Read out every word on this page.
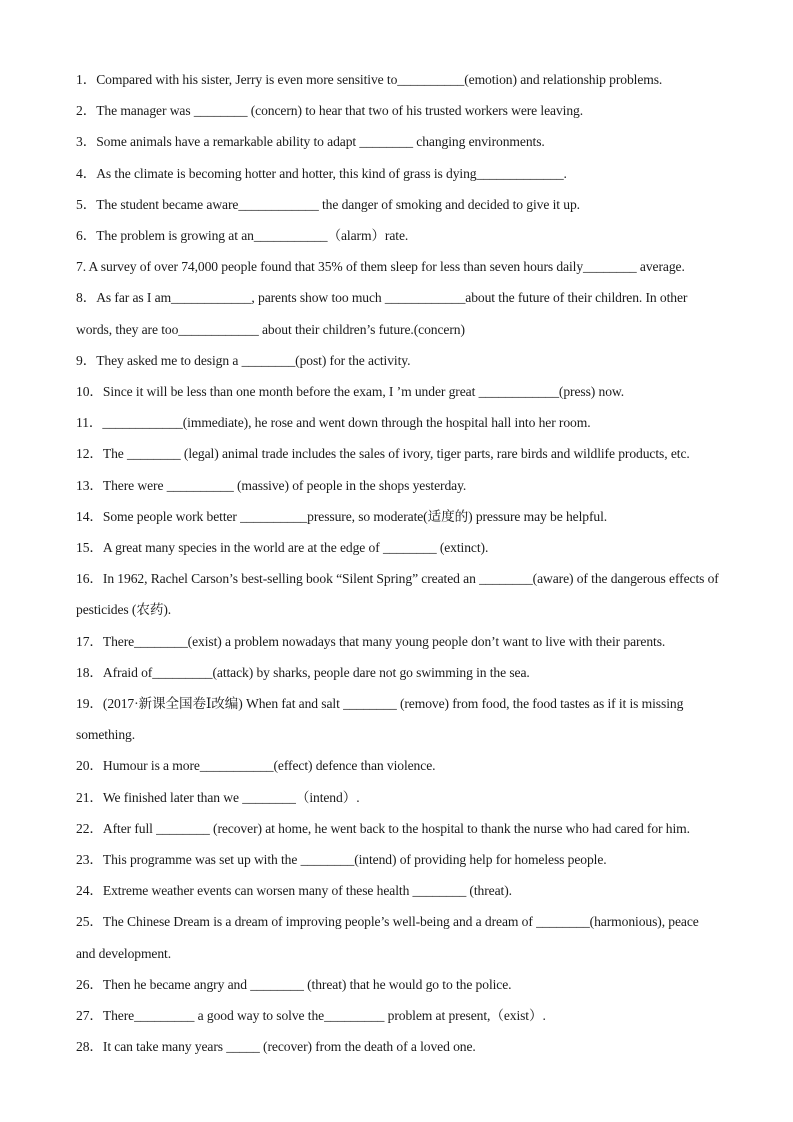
1．Compared with his sister, Jerry is even more sensitive to__________(emotion) and relationship problems.

2．The manager was ________ (concern) to hear that two of his trusted workers were leaving.

3．Some animals have a remarkable ability to adapt ________ changing environments.

4．As the climate is becoming hotter and hotter, this kind of grass is dying_____________.

5．The student became aware____________ the danger of smoking and decided to give it up.

6．The problem is growing at an___________（alarm）rate.

7. A survey of over 74,000 people found that 35% of them sleep for less than seven hours daily________ average.

8．As far as I am____________, parents show too much ____________about the future of their children. In other words, they are too____________ about their children’s future.(concern)

9．They asked me to design a ________(post) for the activity.

10．Since it will be less than one month before the exam, I ’m under great ____________(press) now.

11．____________(immediate), he rose and went down through the hospital hall into her room.

12．The ________ (legal) animal trade includes the sales of ivory, tiger parts, rare birds and wildlife products, etc.

13．There were __________ (massive) of people in the shops yesterday.

14．Some people work better __________pressure, so moderate(适度的) pressure may be helpful.

15．A great many species in the world are at the edge of ________ (extinct).

16．In 1962, Rachel Carson’s best-selling book “Silent Spring” created an ________(aware) of the dangerous effects of pesticides (农药).

17．There________(exist) a problem nowadays that many young people don’t want to live with their parents.

18．Afraid of_________(attack) by sharks, people dare not go swimming in the sea.

19．(2017·新课全国卷Ⅰ改编) When fat and salt ________ (remove) from food, the food tastes as if it is missing something.

20．Humour is a more___________(effect) defence than violence.

21．We finished later than we ________（intend）.

22．After full ________ (recover) at home, he went back to the hospital to thank the nurse who had cared for him.

23．This programme was set up with the ________(intend) of providing help for homeless people.

24．Extreme weather events can worsen many of these health ________ (threat).

25．The Chinese Dream is a dream of improving people’s well-being and a dream of ________(harmonious), peace and development.

26．Then he became angry and ________ (threat) that he would go to the police.

27．There_________ a good way to solve the_________ problem at present,（exist）.

28．It can take many years _____ (recover) from the death of a loved one.
